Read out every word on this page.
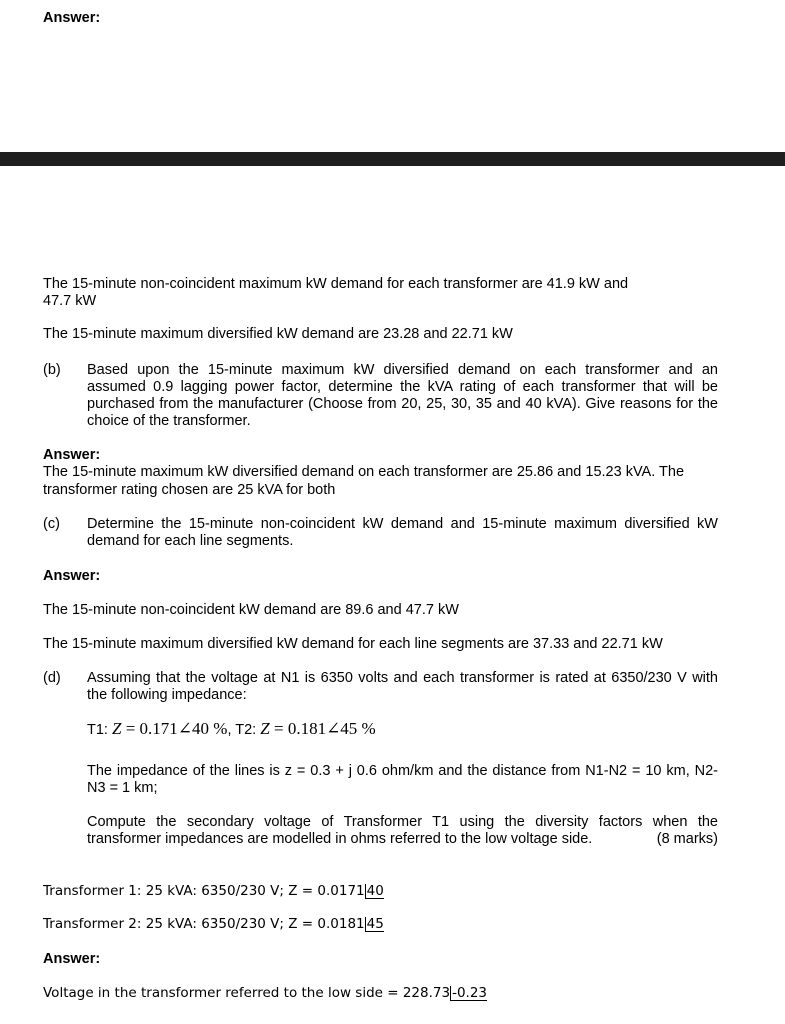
Answer:
The 15-minute non-coincident maximum kW demand for each transformer are 41.9 kW and
47.7 kW
The 15-minute maximum diversified kW demand are 23.28 and 22.71 kW
(b) Based upon the 15-minute maximum kW diversified demand on each transformer and an assumed 0.9 lagging power factor, determine the kVA rating of each transformer that will be purchased from the manufacturer (Choose from 20, 25, 30, 35 and 40 kVA). Give reasons for the choice of the transformer.
Answer:
The 15-minute maximum kW diversified demand on each transformer are 25.86 and 15.23 kVA. The
transformer rating chosen are 25 kVA for both
(c) Determine the 15-minute non-coincident kW demand and 15-minute maximum diversified kW demand for each line segments.
Answer:
The 15-minute non-coincident kW demand are 89.6 and 47.7 kW
The 15-minute maximum diversified kW demand for each line segments are 37.33 and 22.71 kW
(d) Assuming that the voltage at N1 is 6350 volts and each transformer is rated at 6350/230 V with the following impedance:
T1: Z = 0.171∠40 %, T2: Z = 0.181∠45 %
The impedance of the lines is z = 0.3 + j 0.6 ohm/km and the distance from N1-N2 = 10 km, N2-N3 = 1 km;
Compute the secondary voltage of Transformer T1 using the diversity factors when the transformer impedances are modelled in ohms referred to the low voltage side.	(8 marks)
Transformer 1: 25 kVA: 6350/230 V; Z = 0.0171 40
Transformer 2: 25 kVA: 6350/230 V; Z = 0.0181 45
Answer:
Voltage in the transformer referred to the low side = 228.73 -0.23
